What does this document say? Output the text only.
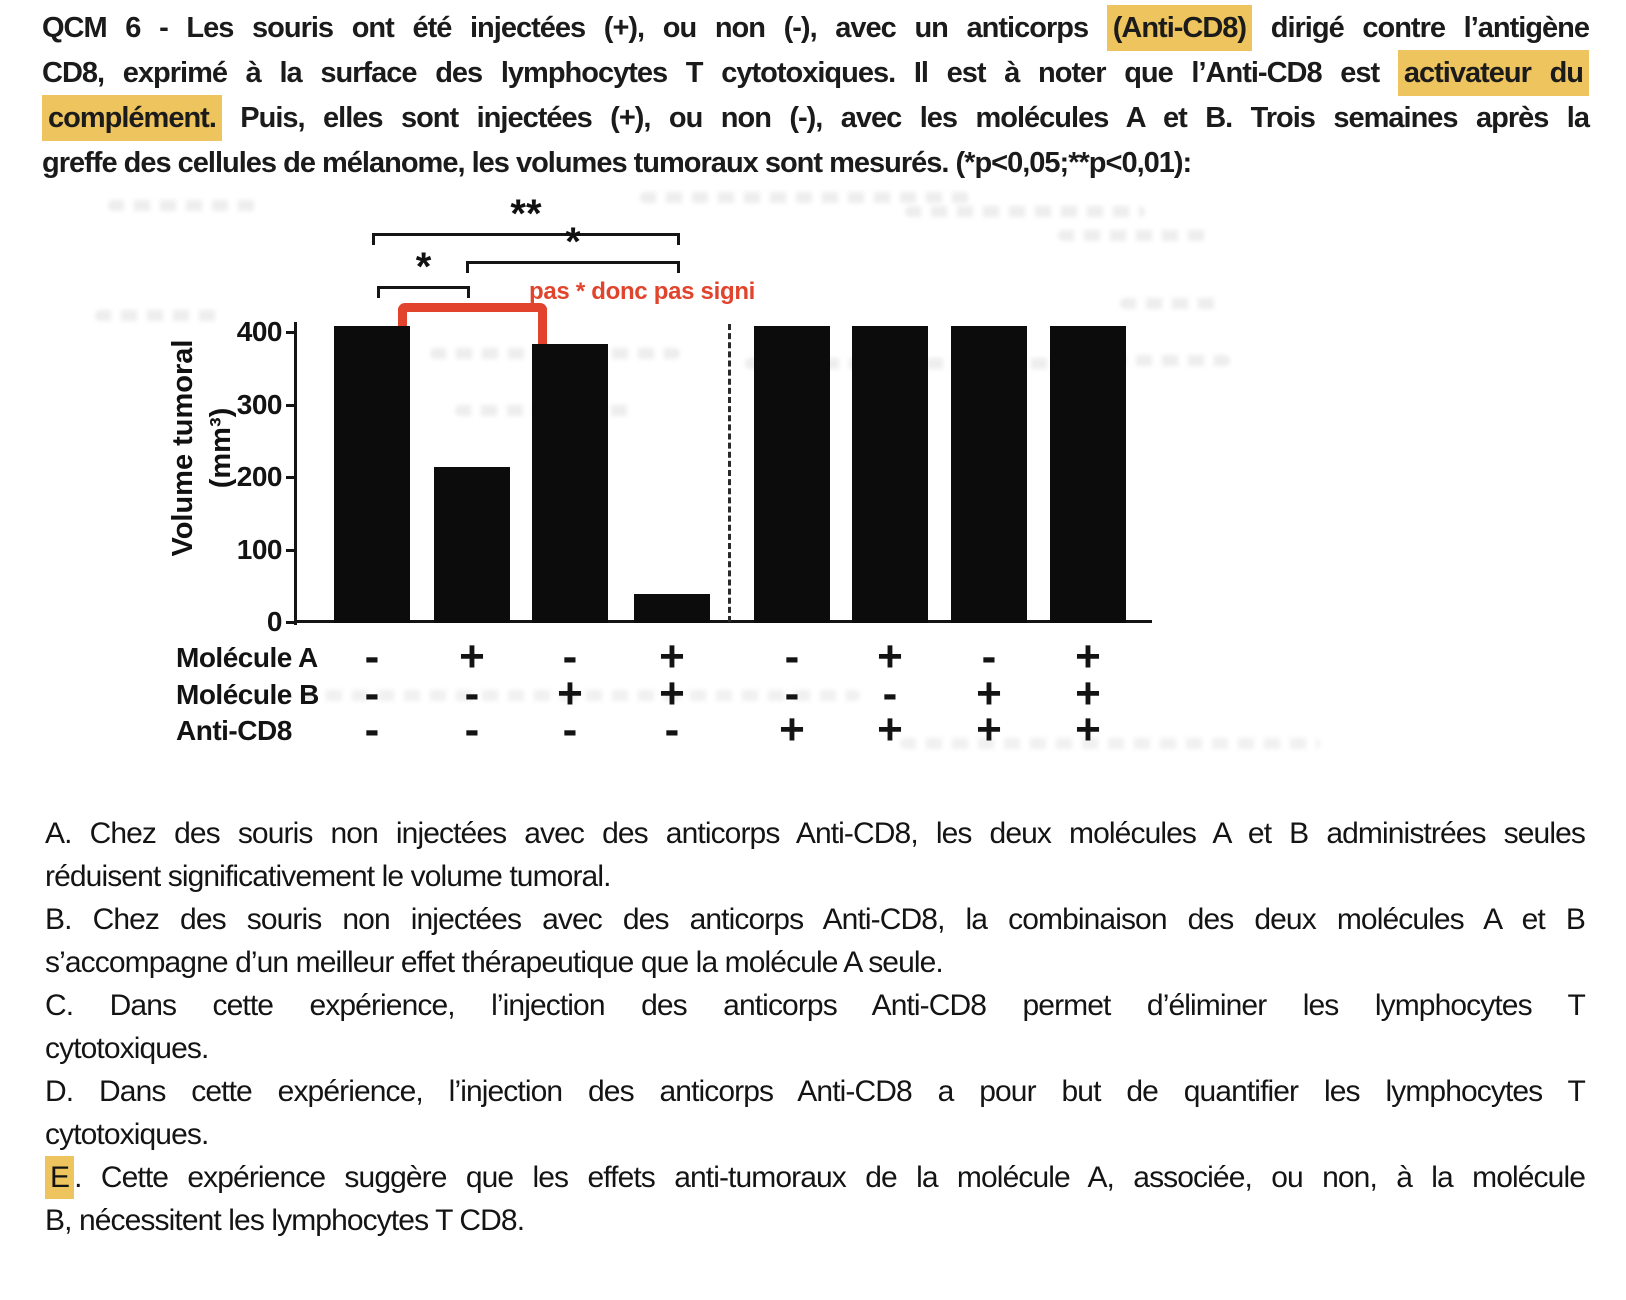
QCM 6 - Les souris ont été injectées (+), ou non (-), avec un anticorps (Anti-CD8) dirigé contre l’antigène
CD8, exprimé à la surface des lymphocytes T cytotoxiques. Il est à noter que l’Anti-CD8 est activateur du
complément. Puis, elles sont injectées (+), ou non (-), avec les molécules A et B. Trois semaines après la
greffe des cellules de mélanome, les volumes tumoraux sont mesurés. (*p<0,05;**p<0,01):
Volume tumoral (mm³)
pas * donc pas signi
0
100
200
300
400
**
*
*
Molécule A	-	+	-	+	-	+	-	+
Molécule B	-	-	+ +	-	-	+ +
Anti-CD8	-	-	-	-	+ + + +
A. Chez des souris non injectées avec des anticorps Anti-CD8, les deux molécules A et B administrées seules
réduisent significativement le volume tumoral.
B. Chez des souris non injectées avec des anticorps Anti-CD8, la combinaison des deux molécules A et B
s’accompagne d’un meilleur effet thérapeutique que la molécule A seule.
C. Dans cette expérience, l’injection des anticorps Anti-CD8 permet d’éliminer les lymphocytes T
cytotoxiques.
D. Dans cette expérience, l’injection des anticorps Anti-CD8 a pour but de quantifier les lymphocytes T
cytotoxiques.
E . Cette expérience suggère que les effets anti-tumoraux de la molécule A, associée, ou non, à la molécule
B, nécessitent les lymphocytes T CD8.
